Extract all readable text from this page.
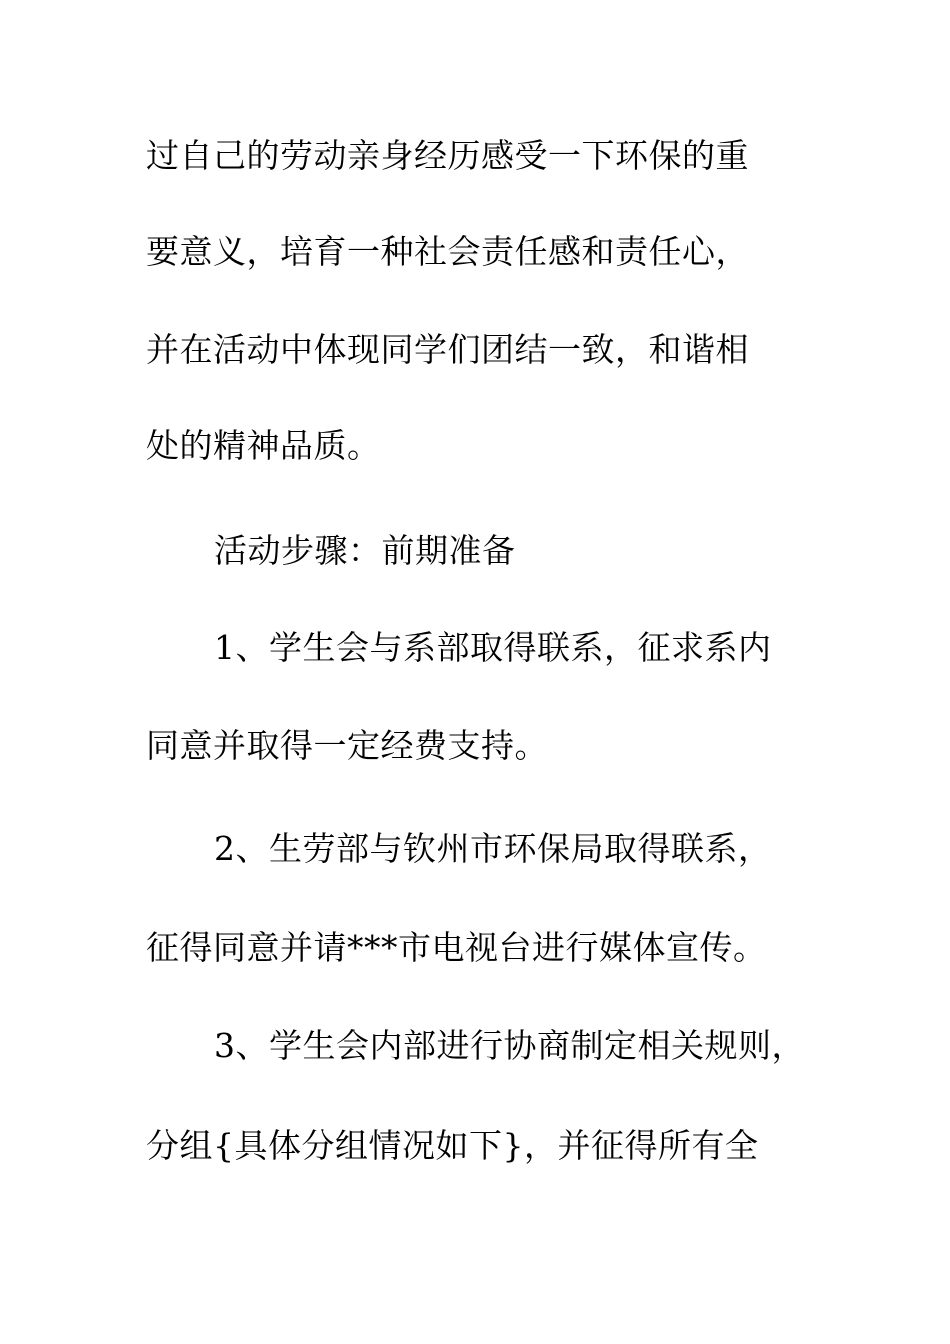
过自己的劳动亲身经历感受一下环保的重

要意义，培育一种社会责任感和责任心，

并在活动中体现同学们团结一致，和谐相

处的精神品质。

活动步骤：前期准备

1、学生会与系部取得联系，征求系内

同意并取得一定经费支持。

2、生劳部与钦州市环保局取得联系，

征得同意并请***市电视台进行媒体宣传。

3、学生会内部进行协商制定相关规则，

分组{具体分组情况如下}，并征得所有全
